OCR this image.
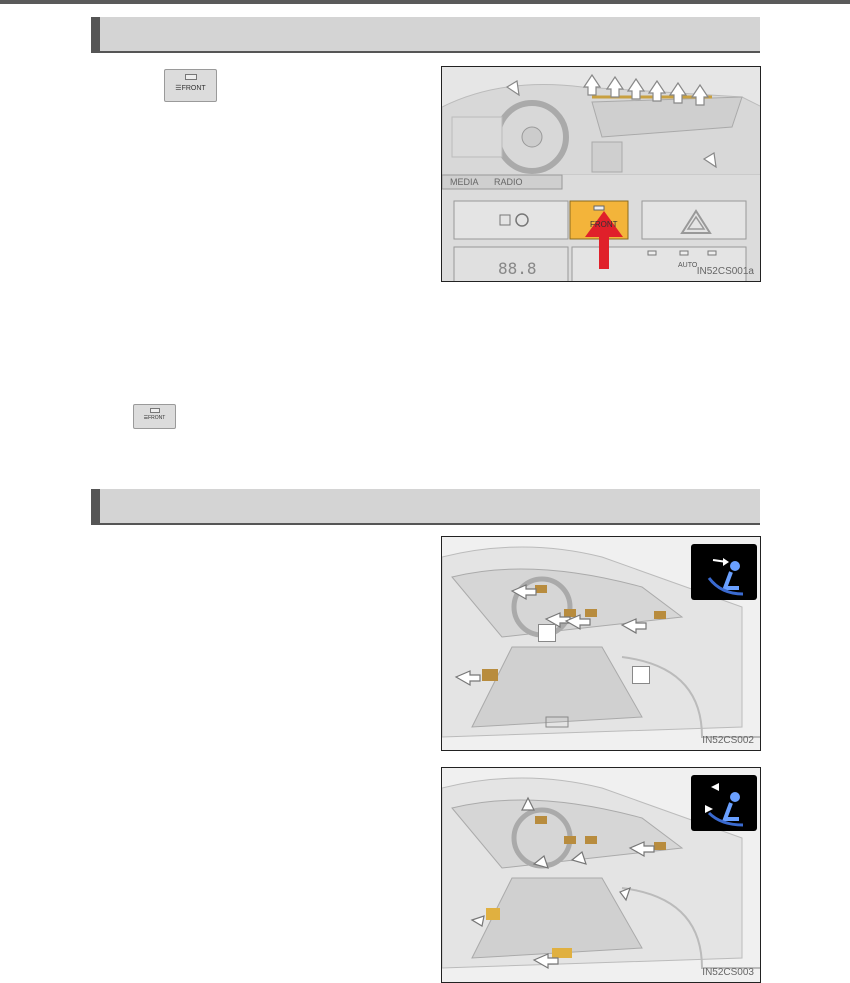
☰FRONT
MEDIA RADIO
FRONT
AUTO
88.8	IN52CS001a
☰FRONT
IN52CS002
IN52CS003
